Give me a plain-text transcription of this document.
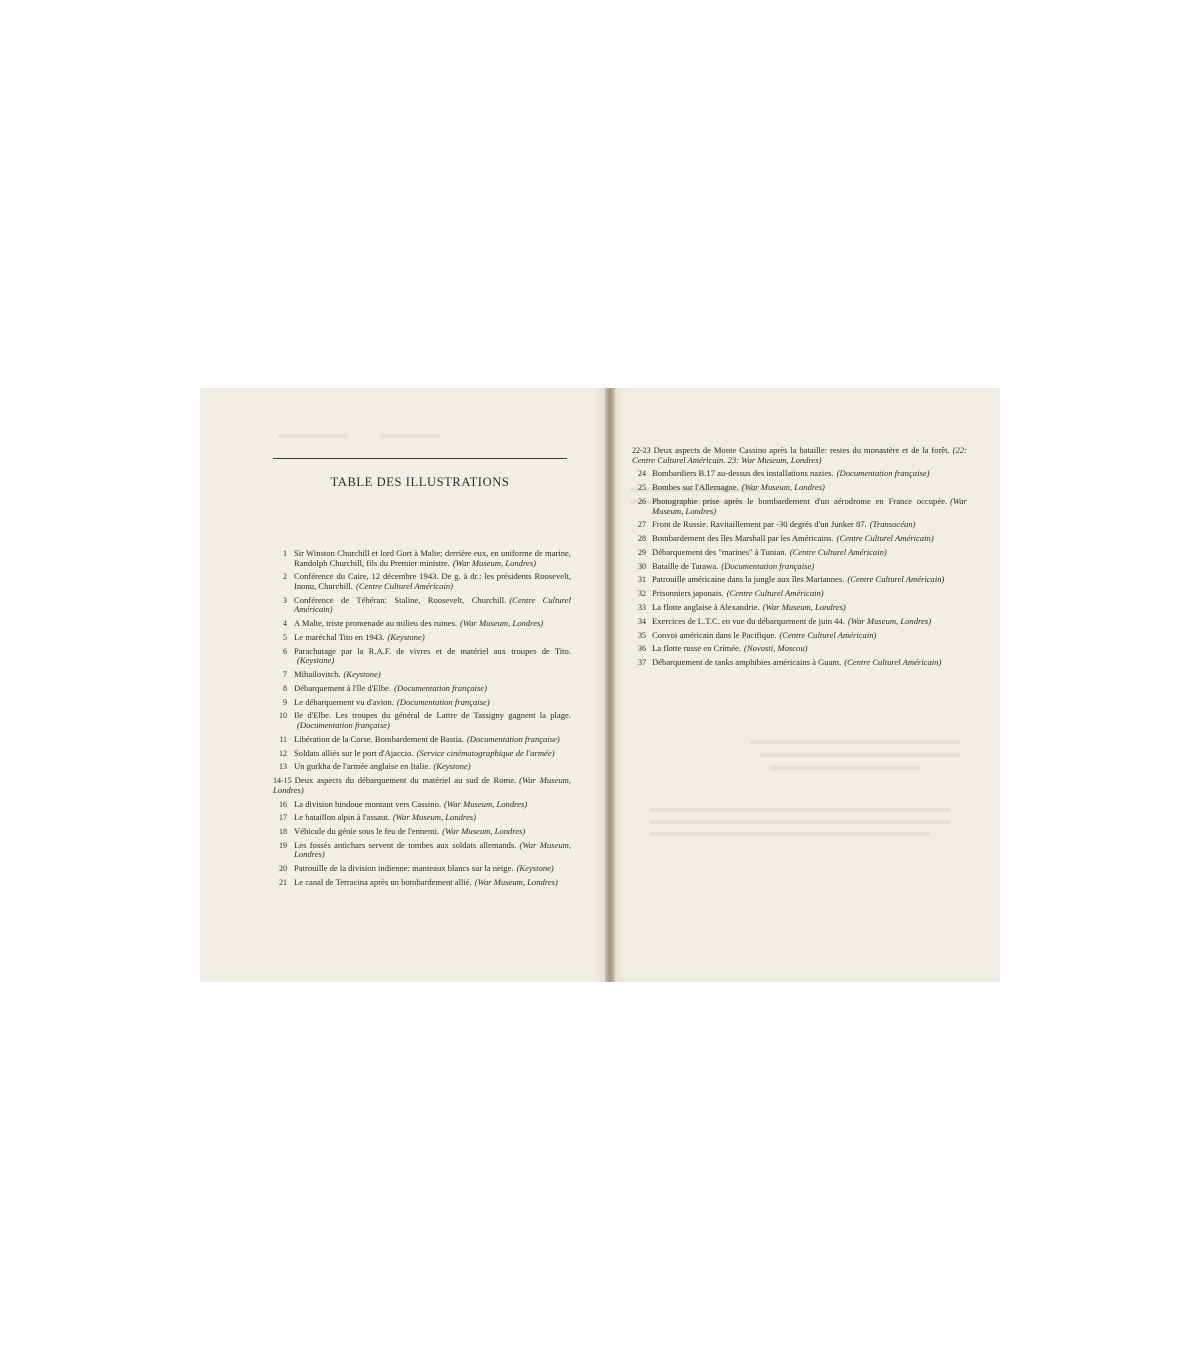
TABLE DES ILLUSTRATIONS
1 Sir Winston Churchill et lord Gort à Malte; derrière eux, en uniforme de marine, Randolph Churchill, fils du Premier ministre. (War Museum, Londres)
2 Conférence du Caire, 12 décembre 1943. De g. à dr.: les présidents Roosevelt, Inonu, Churchill. (Centre Culturel Américain)
3 Conférence de Téhéran: Staline, Roosevelt, Churchill. (Centre Culturel Américain)
4 A Malte, triste promenade au milieu des ruines. (War Museum, Londres)
5 Le maréchal Tito en 1943. (Keystone)
6 Parachutage par la R.A.F. de vivres et de matériel aux troupes de Tito.(Keystone)
7 Mihailovitch. (Keystone)
8 Débarquement à l'île d'Elbe. (Documentation française)
9 Le débarquement vu d'avion. (Documentation française)
10 Ile d'Elbe. Les troupes du général de Lattre de Tassigny gagnent la plage.(Documentation française)
11 Libération de la Corse. Bombardement de Bastia. (Documentation française)
12 Soldats alliés sur le port d'Ajaccio. (Service cinématographique de l'armée)
13 Un gurkha de l'armée anglaise en Italie. (Keystone)
14-15 Deux aspects du débarquement du matériel au sud de Rome. (War Museum, Londres)
16 La division hindoue montant vers Cassino. (War Museum, Londres)
17 Le bataillon alpin à l'assaut. (War Museum, Londres)
18 Véhicule du génie sous le feu de l'ennemi. (War Museum, Londres)
19 Les fossés antichars servent de tombes aux soldats allemands. (War Museum, Londres)
20 Patrouille de la division indienne: manteaux blancs sur la neige. (Keystone)
21 Le canal de Terracina après un bombardement allié. (War Museum, Londres)
22-23 Deux aspects de Monte Cassino après la bataille: restes du monastère et de la forêt. (22: Centre Culturel Américain. 23: War Museum, Londres)
24 Bombardiers B.17 au-dessus des installations nazies. (Documentation française)
25 Bombes sur l'Allemagne. (War Museum, Londres)
26 Photographie prise après le bombardement d'un aérodrome en France occupée. (War Museum, Londres)
27 Front de Russie. Ravitaillement par -30 degrés d'un Junker 87. (Transocéan)
28 Bombardement des îles Marshall par les Américains. (Centre Culturel Américain)
29 Débarquement des "marines" à Tunian. (Centre Culturel Américain)
30 Bataille de Tarawa. (Documentation française)
31 Patrouille américaine dans la jungle aux îles Mariannes. (Centre Culturel Américain)
32 Prisonniers japonais. (Centre Culturel Américain)
33 La flotte anglaise à Alexandrie. (War Museum, Londres)
34 Exercices de L.T.C. en vue du débarquement de juin 44. (War Museum, Londres)
35 Convoi américain dans le Pacifique. (Centre Culturel Américain)
36 La flotte russe en Crimée. (Novosti, Moscou)
37 Débarquement de tanks amphibies américains à Guam. (Centre Culturel Américain)
